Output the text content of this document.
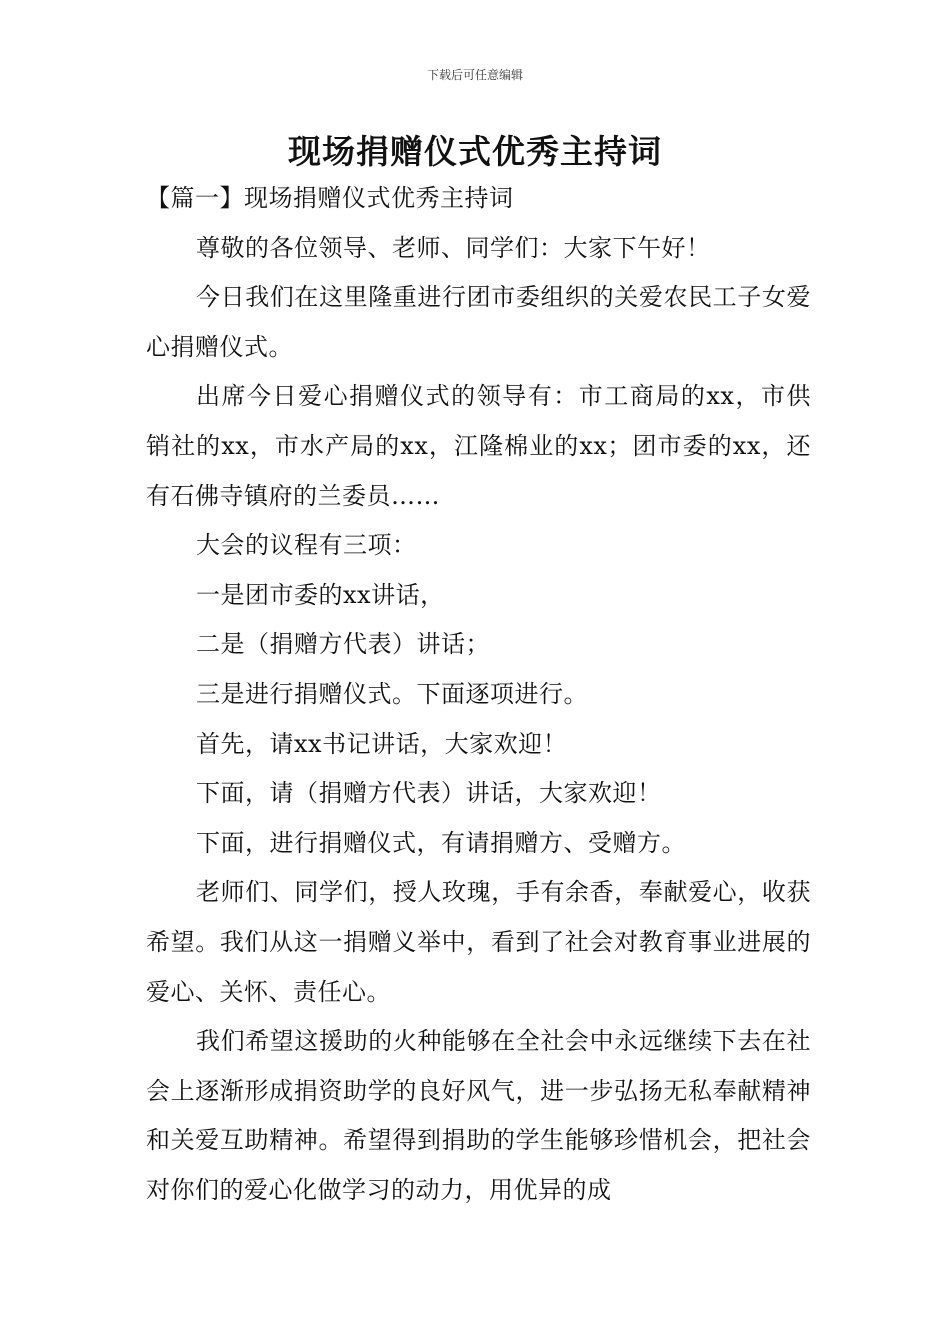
下载后可任意编辑
现场捐赠仪式优秀主持词

【篇一】现场捐赠仪式优秀主持词

尊敬的各位领导、老师、同学们：大家下午好！

今日我们在这里隆重进行团市委组织的关爱农民工子女爱心捐赠仪式。

出席今日爱心捐赠仪式的领导有：市工商局的xx，市供销社的xx，市水产局的xx，江隆棉业的xx；团市委的xx，还有石佛寺镇府的兰委员……

大会的议程有三项：

一是团市委的xx讲话，

二是（捐赠方代表）讲话；

三是进行捐赠仪式。下面逐项进行。

首先，请xx书记讲话，大家欢迎！

下面，请（捐赠方代表）讲话，大家欢迎！

下面，进行捐赠仪式，有请捐赠方、受赠方。

老师们、同学们，授人玫瑰，手有余香，奉献爱心，收获希望。我们从这一捐赠义举中，看到了社会对教育事业进展的爱心、关怀、责任心。

我们希望这援助的火种能够在全社会中永远继续下去在社会上逐渐形成捐资助学的良好风气，进一步弘扬无私奉献精神和关爱互助精神。希望得到捐助的学生能够珍惜机会，把社会对你们的爱心化做学习的动力，用优异的成
